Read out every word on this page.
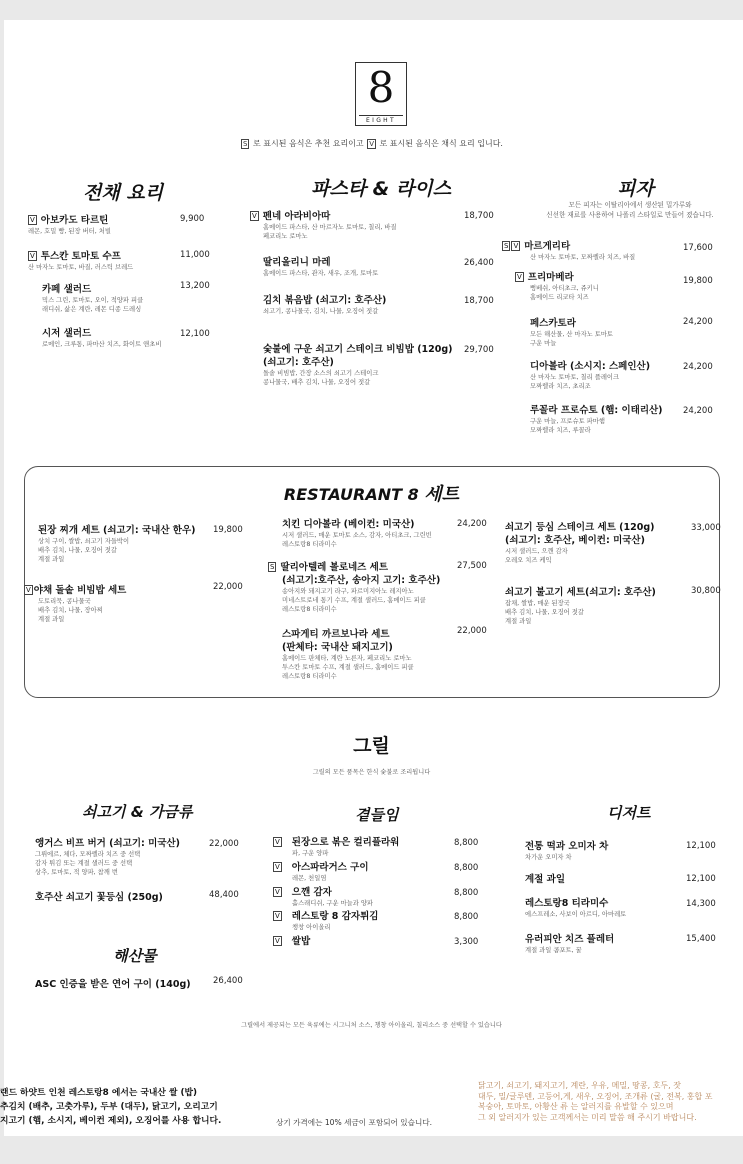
8
EIGHT
S 로 표시된 음식은 추천 요리이고 V 로 표시된 음식은 채식 요리 입니다.
전채 요리	파스타 & 라이스	피자
모든 피자는 이탈리아에서 생산된 밀가루와
신선한 재료를 사용하여 나폴리 스타일로 만들어 졌습니다.
V 아보카도 타르틴
레몬, 호밀 빵, 된장 버터, 처빌
9,900
V 투스칸 토마토 수프
산 마자노 토마토, 바질, 러스틱 브레드
11,000
카페 샐러드
믹스 그린, 토마토, 오이, 적양파 피클
래디쉬, 삶은 계란, 레몬 디종 드레싱
13,200
시저 샐러드
로메인, 크루통, 파마산 치즈, 화이트 앤초비
12,100
V 펜네 아라비아따
홈메이드 파스타, 산 마르자노 토마토, 칠리, 바질
페코리노 로마노
18,700
딸리올리니 마레
홈메이드 파스타, 관자, 새우, 조개, 토마토
26,400
김치 볶음밥 (쇠고기: 호주산)
쇠고기, 콩나물국, 김치, 나물, 오징어 젓갈
18,700
숯불에 구운 쇠고기 스테이크 비빔밥 (120g)
(쇠고기: 호주산)
돌솥 비빔밥, 간장 소스의 쇠고기 스테이크
콩나물국, 배추 김치, 나물, 오징어 젓갈
29,700
S V 마르게리타
산 마자노 토마토, 모짜렐라 치즈, 바질
17,600
V 프리마베라
뻥베쉬, 아티초크, 쥬키니
홈메이드 리코타 치즈
19,800
페스카토라
모든 해산물, 산 마자노 토마토
구운 마늘
24,200
디아볼라 (소시지: 스페인산)
산 마자노 토마토, 칠리 플레이크
모짜렐라 치즈, 초리조
24,200
루꼴라 프로슈토 (햄: 이태리산)
구운 마늘, 프로슈토 파마햄
모짜렐라 치즈, 루꼴라
24,200
RESTAURANT 8 세트
된장 찌개 세트 (쇠고기: 국내산 한우)
상치 구이, 쌀밥, 쇠고기 자들박이
배추 김치, 나물, 오징어 젓갈
계절 과일
19,800
V 야채 돌솥 비빔밥 세트
도토리묵, 콩나물국
배추 김치, 나물, 장아찌
계절 과일
22,000
치킨 디아볼라 (베이컨: 미국산)
시저 샐러드, 매운 토마토 소스, 감자, 아티초크, 그린빈
레스토랑8 티라미수
24,200
S 딸리아텔레 볼로네즈 세트
(쇠고기:호주산, 송아지 고기: 호주산)
송아지와 돼지고기 라구, 파르미지아노 레지아노
미네스트로네 통기 수프, 계절 샐러드, 홈메이드 피클
레스토랑8 티라미수
27,500
스파게티 까르보나라 세트
(판체타: 국내산 돼지고기)
홈메이드 판체타, 계란 노른자, 페코리노 로마노
투스칸 토마토 수프, 계절 샐러드, 홈메이드 피클
레스토랑8 티라미수
22,000
쇠고기 등심 스테이크 세트 (120g)
(쇠고기: 호주산, 베이컨: 미국산)
시저 샐러드, 으깬 감자
오레오 치즈 케익
33,000
쇠고기 불고기 세트(쇠고기: 호주산)
잡채, 쌀밥, 매운 된장국
배추 김치, 나물, 오징어 젓갈
계절 과일
30,800
그릴
그릴의 모든 품목은 한식 숯불로 조리됩니다
쇠고기 & 가금류	곁들임	디저트
앵거스 비프 버거 (쇠고기: 미국산)
그뤼에르, 체다, 모짜렐라 치즈 중 선택
감자 튀김 또는 계절 샐러드 중 선택
상추, 토마토, 적 양파, 참깨 번
22,000
호주산 쇠고기 꽃등심 (250g)	48,400
해산물
ASC 인증을 받은 연어 구이 (140g)	26,400
V 된장으로 볶은 컬리플라워
파, 구운 양파
8,800
V 아스파라거스 구이
레몬, 천일염
8,800
V 으깬 감자
홀스래디쉬, 구운 마늘과 양파
8,800
V 레스토랑 8 감자튀김
챙창 아이올리
8,800
V 쌀밥	3,300
전통 떡과 오미자 차
차가운 오미자 차
12,100
계절 과일	12,100
레스토랑8 티라미수
에스프레소, 사보이 아르디, 아마레토
14,300
유러피안 치즈 플레터
계절 과일 콤포트, 꿀
15,400
그릴에서 제공되는 모든 육류에는 시그니처 소스, 챙창 아이올리, 칠리소스 중 선택할 수 있습니다
랜드 하얏트 인천 레스토랑8 에서는 국내산 쌀 (밥)
추김치 (배추, 고춧가루), 두부 (대두), 닭고기, 오리고기
지고기 (햄, 소시지, 베이컨 제외), 오징어를 사용 합니다.	상기 가격에는 10% 세금이 포함되어 있습니다.
닭고기, 쇠고기, 돼지고기, 계란, 우유, 메밀, 땅콩, 호두, 잣
대두, 밀/글루텐, 고등어,게, 새우, 오징어, 조개류 (굴, 전복, 홍합 포
복숭아, 토마토, 아황산 류 는 알러지를 유발할 수 있으며
그 외 알러지가 있는 고객께서는 미리 말씀 해 주시기 바랍니다.
